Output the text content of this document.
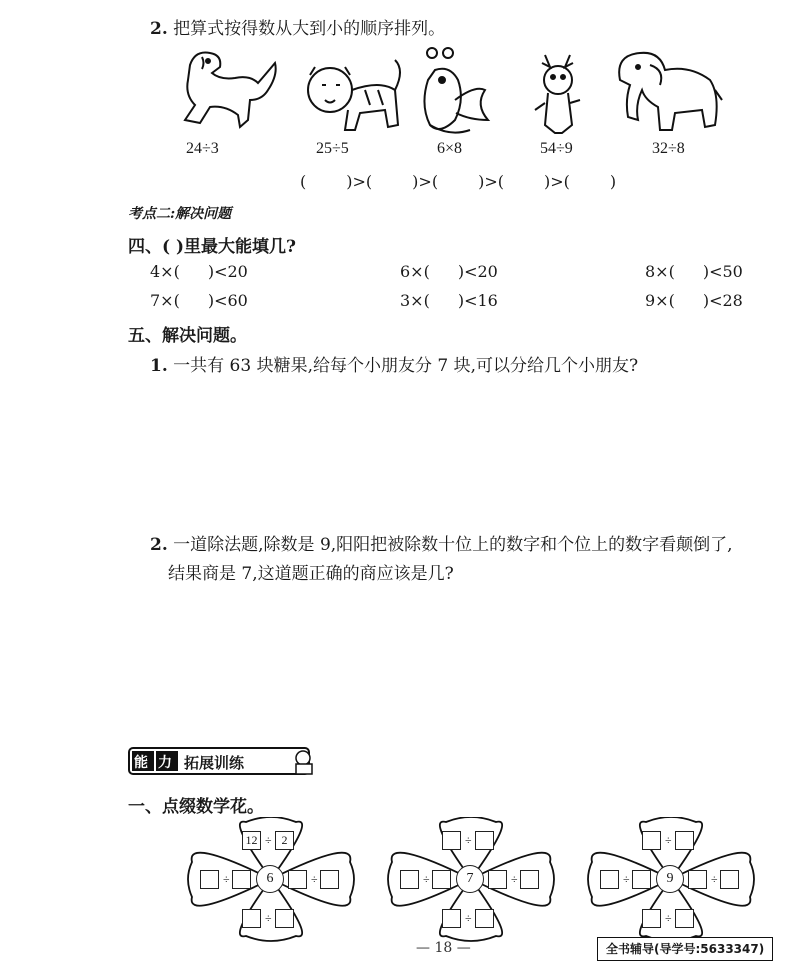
2. 把算式按得数从大到小的顺序排列。
24÷3	25÷5	6×8	54÷9	32÷8
(	)>(	)>(	)>(	)>(	)
考点二:解决问题
四、( )里最大能填几?
4×( )<20	6×( )<20	8×( )<50
7×( )<60	3×( )<16	9×( )<28
五、解决问题。
1. 一共有 63 块糖果,给每个小朋友分 7 块,可以分给几个小朋友?
2. 一道除法题,除数是 9,阳阳把被除数十位上的数字和个位上的数字看颠倒了,
结果商是 7,这道题正确的商应该是几?
能 力 拓展训练
一、点缀数学花。
12 ÷ 2
÷	6	÷
÷
÷
÷	7	÷
÷
÷
÷	9	÷
÷
— 18 —	全书辅导(导学号:5633347)
